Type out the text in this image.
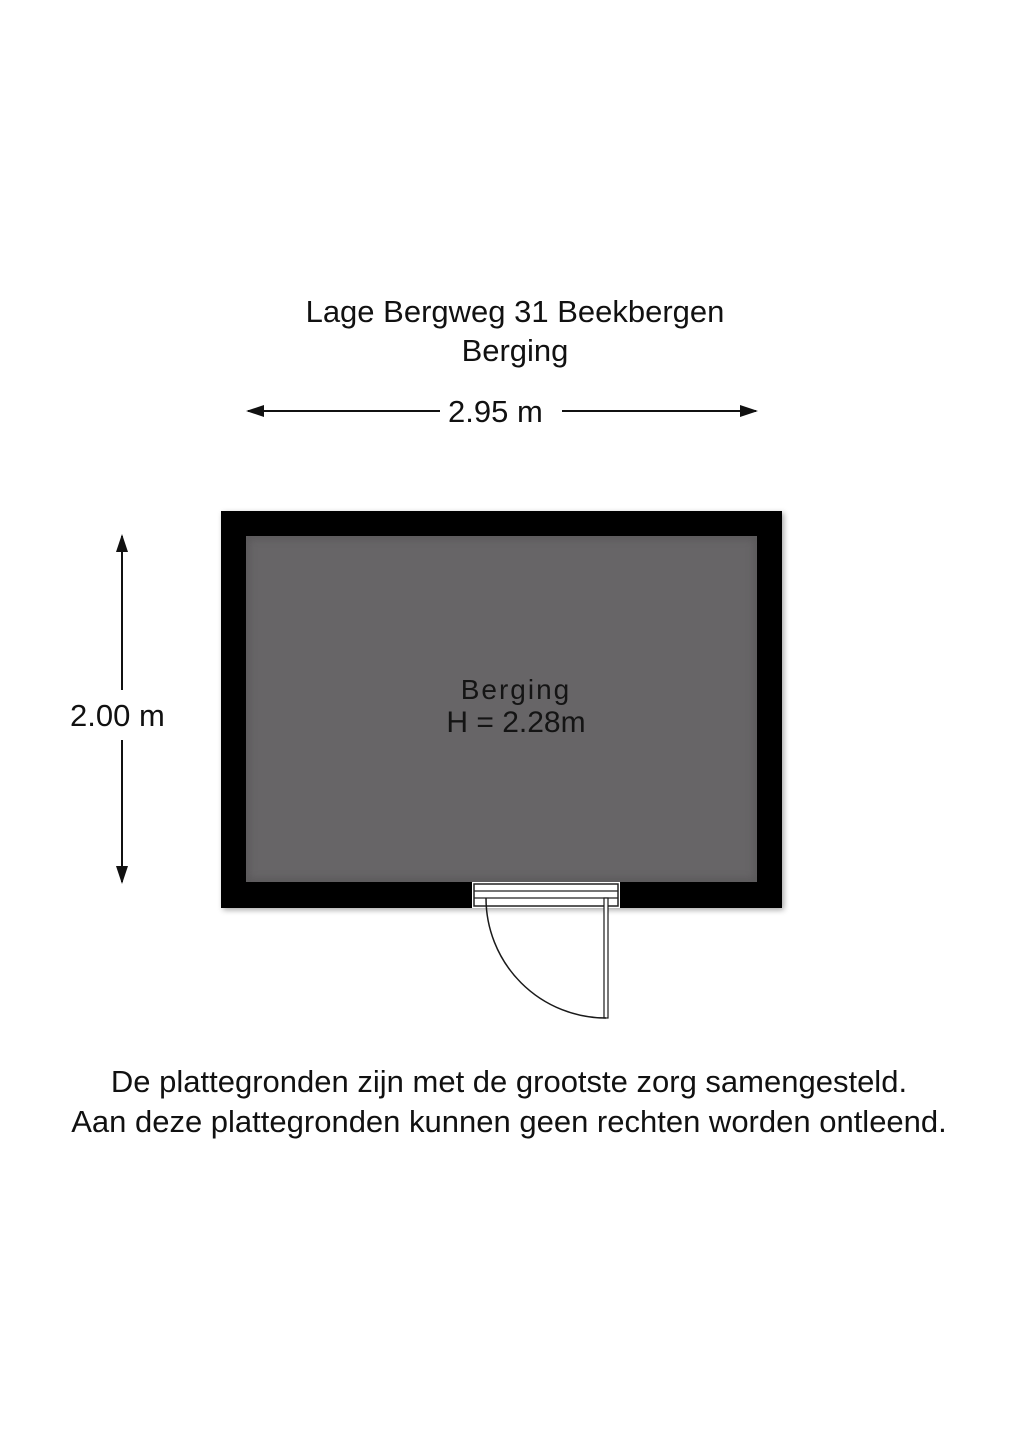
Lage Bergweg 31 Beekbergen
Berging
2.95 m
2.00 m
Berging
H = 2.28m
De plattegronden zijn met de grootste zorg samengesteld.
Aan deze plattegronden kunnen geen rechten worden ontleend.
